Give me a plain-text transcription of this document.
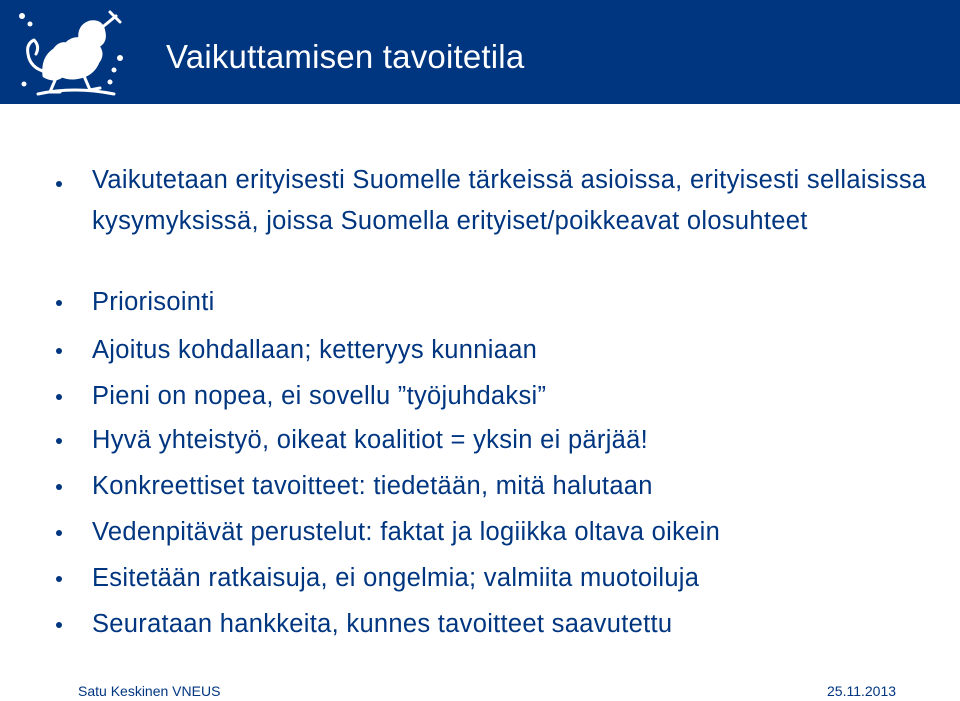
Vaikuttamisen tavoitetila
Vaikutetaan erityisesti Suomelle tärkeissä asioissa, erityisesti sellaisissa kysymyksissä, joissa Suomella erityiset/poikkeavat olosuhteet
Priorisointi
Ajoitus kohdallaan; ketteryys kunniaan
Pieni on nopea, ei sovellu ”työjuhdaksi”
Hyvä yhteistyö, oikeat koalitiot = yksin ei pärjää!
Konkreettiset tavoitteet: tiedetään, mitä halutaan
Vedenpitävät perustelut: faktat ja logiikka oltava oikein
Esitetään ratkaisuja, ei ongelmia; valmiita muotoiluja
Seurataan hankkeita, kunnes tavoitteet saavutettu
Satu Keskinen VNEUS	25.11.2013
